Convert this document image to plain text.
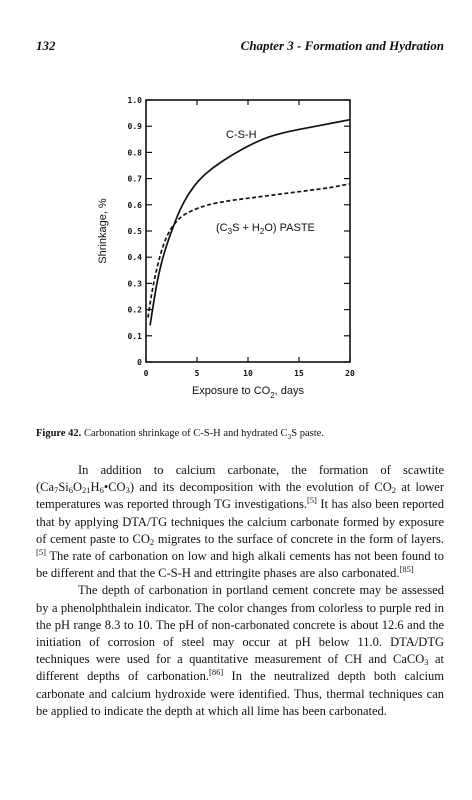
132	Chapter 3 - Formation and Hydration
0	5	10	15	20
0
0.1
0.2
0.3
0.4
0.5
0.6
0.7
0.8
0.9
1.0
C-S-H
$(C_3S + H_2O)$ PASTE
Exposure to $CO_2$, days
Shrinkage, %
Figure 42. Carbonation shrinkage of C-S-H and hydrated $C_3S$ paste.

In addition to calcium carbonate, the formation of scawtite $(Ca_7Si_6O_{21}H_6•CO_3)$ and its decomposition with the evolution of $CO_2$ at lower temperatures was reported through TG investigations.[5] It has also been reported that by applying DTA/TG techniques the calcium carbonate formed by exposure of cement paste to $CO_2$ migrates to the surface of concrete in the form of layers.[5] The rate of carbonation on low and high alkali cements has not been found to be different and that the C-S-H and ettringite phases are also carbonated.[85]

The depth of carbonation in portland cement concrete may be assessed by a phenolphthalein indicator. The color changes from colorless to purple red in the pH range 8.3 to 10. The pH of non-carbonated concrete is about 12.6 and the initiation of corrosion of steel may occur at pH below 11.0. DTA/DTG techniques were used for a quantitative measurement of CH and CaCO$_3$ at different depths of carbonation.[86] In the neutralized depth both calcium carbonate and calcium hydroxide were identified. Thus, thermal techniques can be applied to indicate the depth at which all lime has been carbonated.
